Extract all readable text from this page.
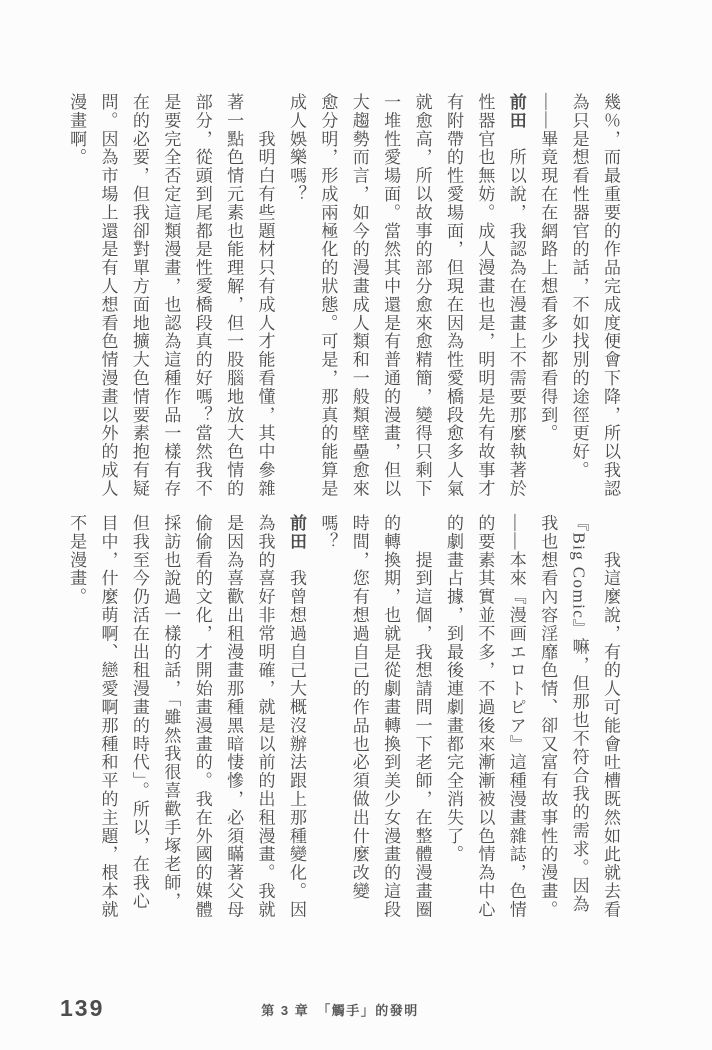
幾％，而最重要的作品完成度便會下降，所以我認為只是想看性器官的話，不如找別的途徑更好。

——畢竟現在在網路上想看多少都看得到。

前田　所以說，我認為在漫畫上不需要那麼執著於性器官也無妨。成人漫畫也是，明明是先有故事才有附帶的性愛場面，但現在因為性愛橋段愈多人氣就愈高，所以故事的部分愈來愈精簡，變得只剩下一堆性愛場面。當然其中還是有普通的漫畫，但以大趨勢而言，如今的漫畫成人類和一般類壁壘愈來愈分明，形成兩極化的狀態。可是，那真的能算是成人娛樂嗎？

　　我明白有些題材只有成人才能看懂，其中參雜著一點色情元素也能理解，但一股腦地放大色情的部分，從頭到尾都是性愛橋段真的好嗎？當然我不是要完全否定這類漫畫，也認為這種作品一樣有存在的必要，但我卻對單方面地擴大色情要素抱有疑問。因為市場上還是有人想看色情漫畫以外的成人漫畫啊。

　　我這麼說，有的人可能會吐槽既然如此就去看『Big Comic』嘛，但那也不符合我的需求。因為我也想看內容淫靡色情、卻又富有故事性的漫畫。

——本來『漫画エロトピア』這種漫畫雜誌，色情的要素其實並不多，不過後來漸漸被以色情為中心的劇畫占據，到最後連劇畫都完全消失了。

　　提到這個，我想請問一下老師，在整體漫畫圈的轉換期，也就是從劇畫轉換到美少女漫畫的這段時間，您有想過自己的作品也必須做出什麼改變嗎？

前田　我曾想過自己大概沒辦法跟上那種變化。因為我的喜好非常明確，就是以前的出租漫畫。我就是因為喜歡出租漫畫那種黑暗悽慘，必須瞞著父母偷偷看的文化，才開始畫漫畫的。我在外國的媒體採訪也說過一樣的話，「雖然我很喜歡手塚老師，但我至今仍活在出租漫畫的時代」。所以，在我心目中，什麼萌啊、戀愛啊那種和平的主題，根本就不是漫畫。

139	第 3 章　「觸手」的發明
